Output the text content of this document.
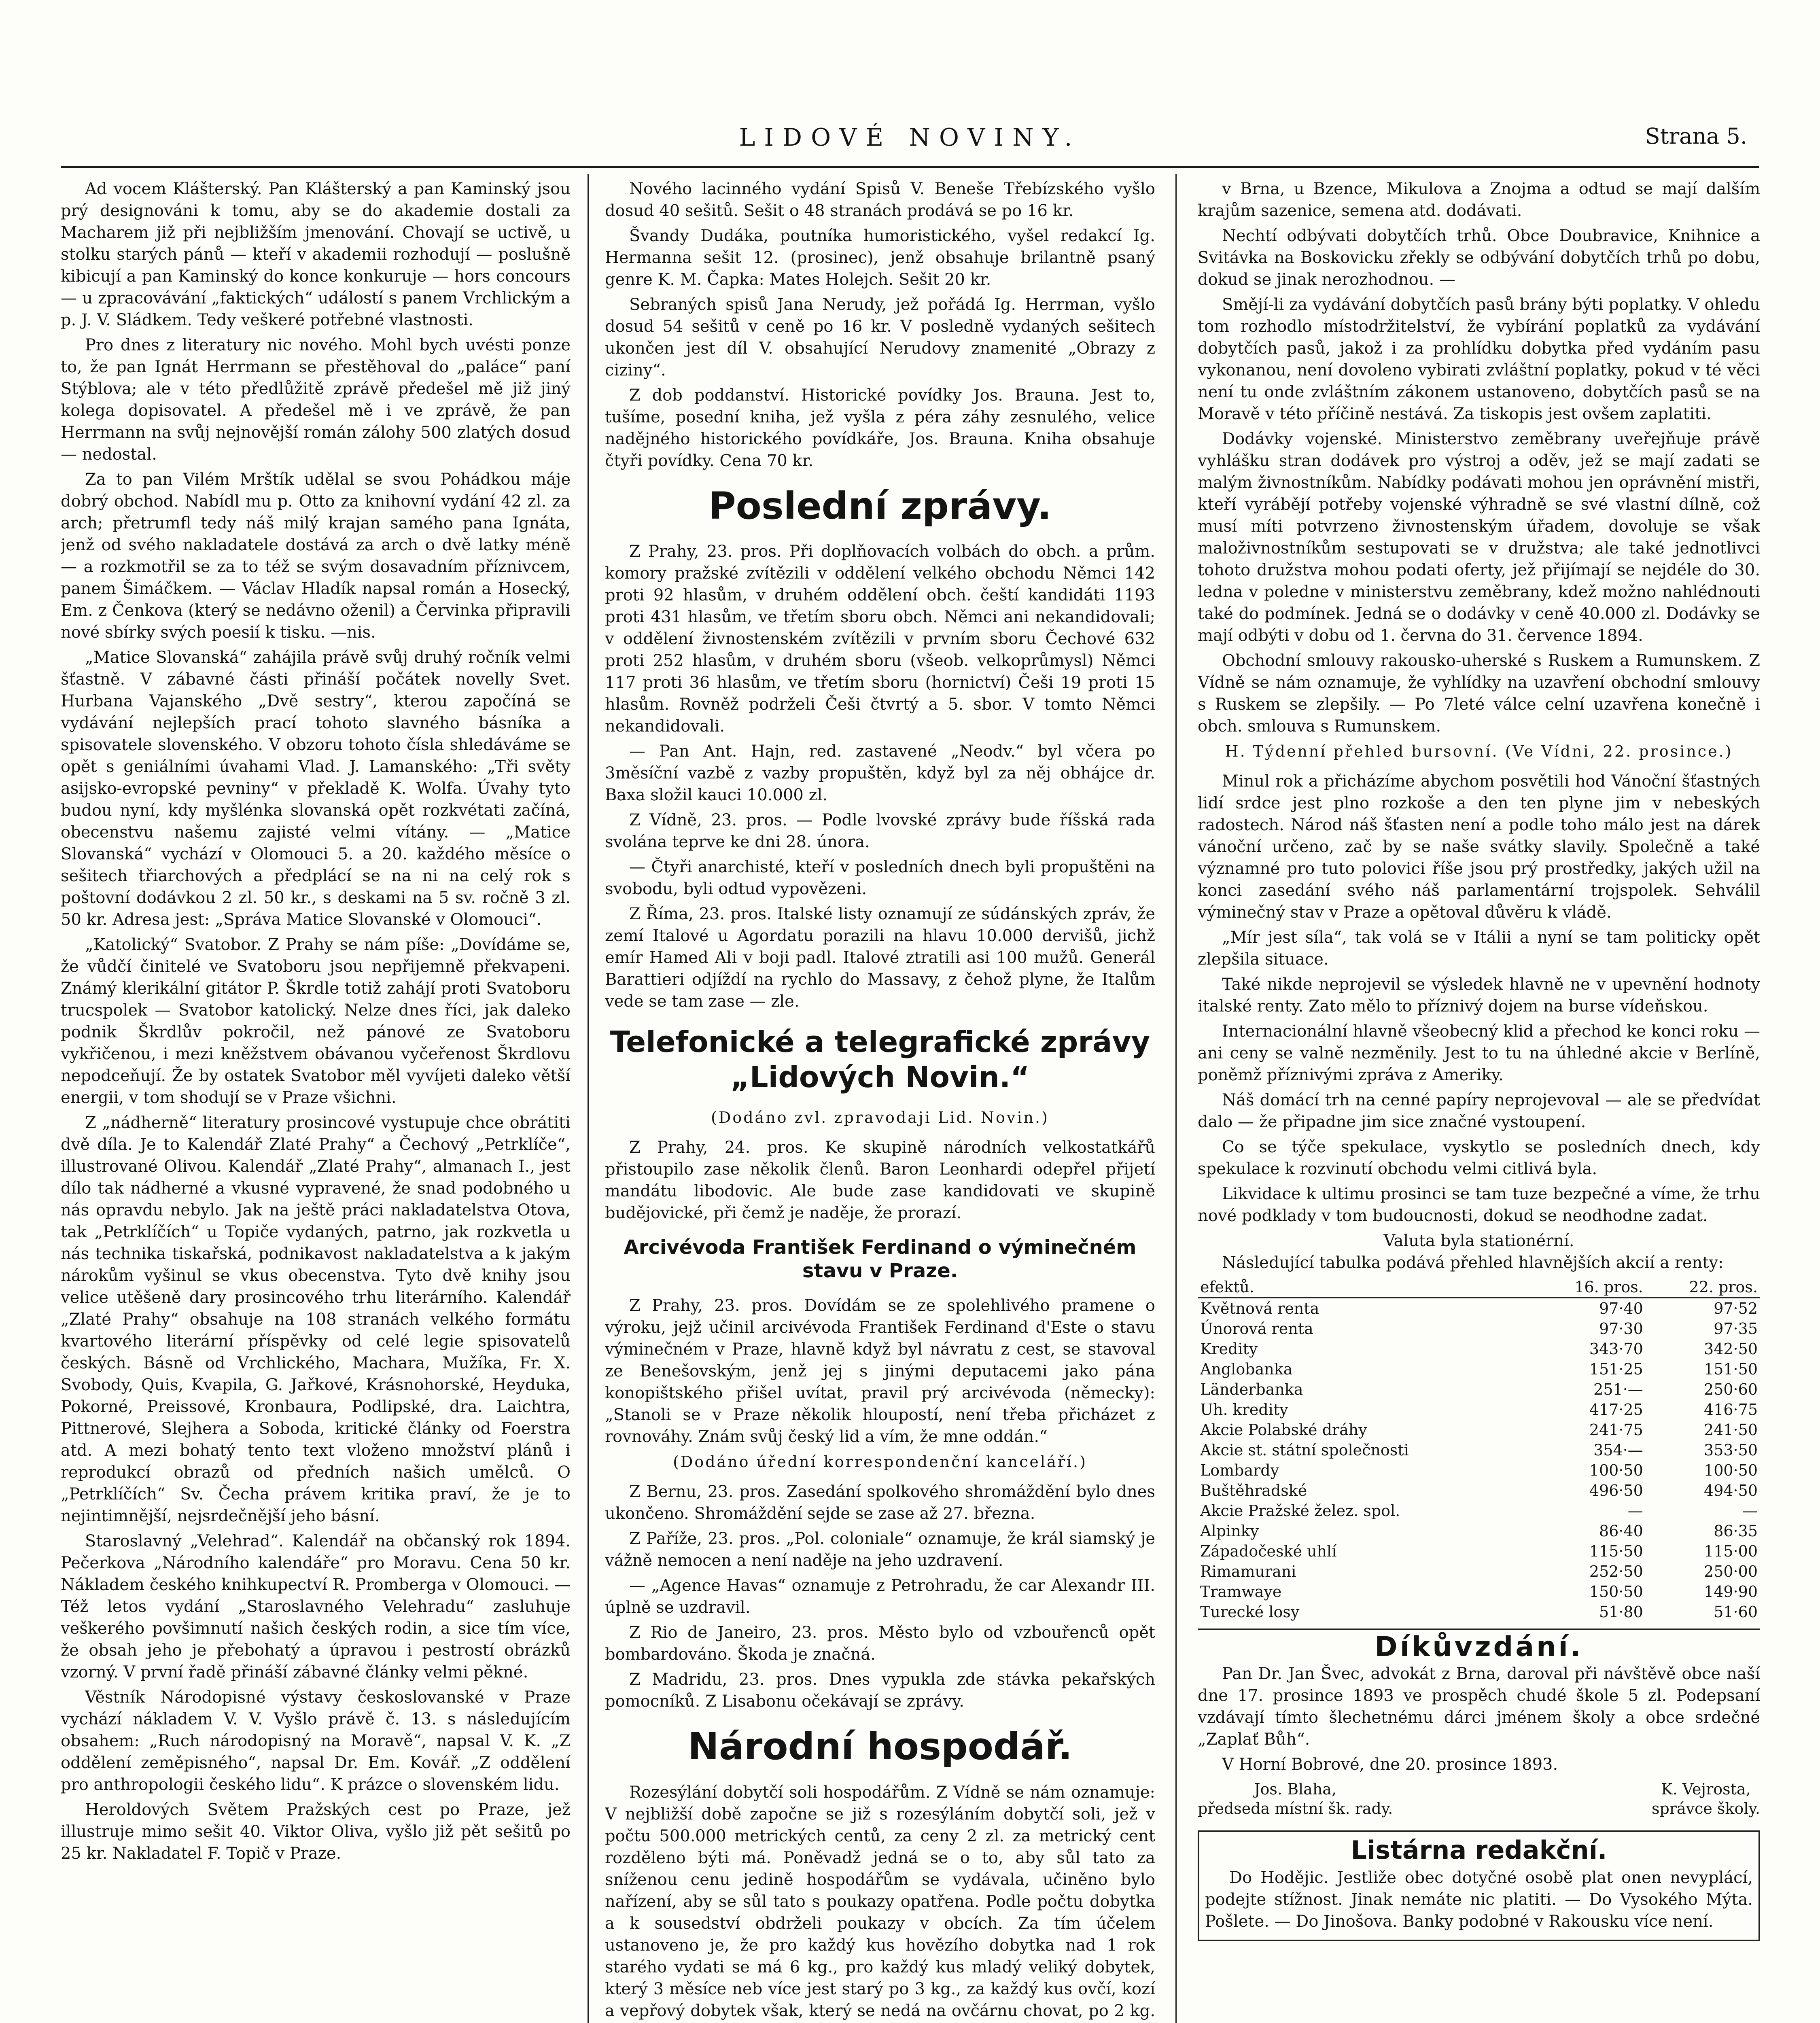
LIDOVÉ NOVINY.	Strana 5.

Ad vocem Klášterský. Pan Klášterský a pan Kaminský jsou prý designováni k tomu, aby se do akademie dostali za Macharem již při nejbližším jmenování. Chovají se uctivě, u stolku starých pánů — kteří v akademii rozhodují — poslušně kibicují a pan Kaminský do konce konkuruje — hors concours — u zpracovávání „faktických“ událostí s panem Vrchlickým a p. J. V. Sládkem. Tedy veškeré potřebné vlastnosti.

Pro dnes z literatury nic nového. Mohl bych uvésti ponze to, že pan Ignát Herrmann se přestěhoval do „paláce“ paní Stýblova; ale v této předlůžitě zprávě předešel mě již jiný kolega dopisovatel. A předešel mě i ve zprávě, že pan Herrmann na svůj nejnovější román zálohy 500 zlatých dosud — nedostal.

Za to pan Vilém Mrštík udělal se svou Pohádkou máje dobrý obchod. Nabídl mu p. Otto za knihovní vydání 42 zl. za arch; přetrumfl tedy náš milý krajan samého pana Ignáta, jenž od svého nakladatele dostává za arch o dvě latky méně — a rozkmotřil se za to též se svým dosavadním příznivcem, panem Šimáčkem. — Václav Hladík napsal román a Hosecký, Em. z Čenkova (který se nedávno oženil) a Červinka připravili nové sbírky svých poesií k tisku. —nis.

„Matice Slovanská“ zahájila právě svůj druhý ročník velmi šťastně. V zábavné části přináší počátek novelly Svet. Hurbana Vajanského „Dvě sestry“, kterou započíná se vydávání nejlepších prací tohoto slavného básníka a spisovatele slovenského. V obzoru tohoto čísla shledáváme se opět s geniálními úvahami Vlad. J. Lamanského: „Tři světy asijsko-evropské pevniny“ v překladě K. Wolfa. Úvahy tyto budou nyní, kdy myšlénka slovanská opět rozkvétati začíná, obecenstvu našemu zajisté velmi vítány. — „Matice Slovanská“ vychází v Olomouci 5. a 20. každého měsíce o sešitech třiarchových a předplácí se na ni na celý rok s poštovní dodávkou 2 zl. 50 kr., s deskami na 5 sv. ročně 3 zl. 50 kr. Adresa jest: „Správa Matice Slovanské v Olomouci“.

„Katolický“ Svatobor. Z Prahy se nám píše: „Dovídáme se, že vůdčí činitelé ve Svatoboru jsou nepřijemně překvapeni. Známý klerikální gitátor P. Škrdle totiž zahájí proti Svatoboru trucspolek — Svatobor katolický. Nelze dnes říci, jak daleko podnik Škrdlův pokročil, než pánové ze Svatoboru vykřičenou, i mezi kněžstvem obávanou vyčeřenost Škrdlovu nepodceňují. Že by ostatek Svatobor měl vyvíjeti daleko větší energii, v tom shodují se v Praze všichni.

Z „nádherně“ literatury prosincové vystupuje chce obrátiti dvě díla. Je to Kalendář Zlaté Prahy“ a Čechový „Petrklíče“, illustrované Olivou. Kalendář „Zlaté Prahy“, almanach I., jest dílo tak nádherné a vkusné vypravené, že snad podobného u nás opravdu nebylo. Jak na ještě práci nakladatelstva Otova, tak „Petrklíčích“ u Topiče vydaných, patrno, jak rozkvetla u nás technika tiskařská, podnikavost nakladatelstva a k jakým nárokům vyšinul se vkus obecenstva. Tyto dvě knihy jsou velice utěšeně dary prosincového trhu literárního. Kalendář „Zlaté Prahy“ obsahuje na 108 stranách velkého formátu kvartového literární příspěvky od celé legie spisovatelů českých. Básně od Vrchlického, Machara, Mužíka, Fr. X. Svobody, Quis, Kvapila, G. Jařkové, Krásnohorské, Heyduka, Pokorné, Preissové, Kronbaura, Podlipské, dra. Laichtra, Pittnerové, Slejhera a Soboda, kritické články od Foerstra atd. A mezi bohatý tento text vloženo množství plánů i reprodukcí obrazů od předních našich umělců. O „Petrklíčích“ Sv. Čecha právem kritika praví, že je to nejintimnější, nejsrdečnější jeho básní.

Staroslavný „Velehrad“. Kalendář na občanský rok 1894. Pečerkova „Národního kalendáře“ pro Moravu. Cena 50 kr. Nákladem českého knihkupectví R. Promberga v Olomouci. — Též letos vydání „Staroslavného Velehradu“ zasluhuje veškerého povšimnutí našich českých rodin, a sice tím více, že obsah jeho je přebohatý a úpravou i pestrostí obrázků vzorný. V první řadě přináší zábavné články velmi pěkné.

Věstník Národopisné výstavy českoslovanské v Praze vychází nákladem V. V. Vyšlo právě č. 13. s následujícím obsahem: „Ruch národopisný na Moravě“, napsal V. K. „Z oddělení zeměpisného“, napsal Dr. Em. Kovář. „Z oddělení pro anthropologii českého lidu“. K prázce o slovenském lidu.

Heroldových Světem Pražských cest po Praze, jež illustruje mimo sešit 40. Viktor Oliva, vyšlo již pět sešitů po 25 kr. Nakladatel F. Topič v Praze.

Nového lacinného vydání Spisů V. Beneše Třebízského vyšlo dosud 40 sešitů. Sešit o 48 stranách prodává se po 16 kr.

Švandy Dudáka, poutníka humoristického, vyšel redakcí Ig. Hermanna sešit 12. (prosinec), jenž obsahuje brilantně psaný genre K. M. Čapka: Mates Holejch. Sešit 20 kr.

Sebraných spisů Jana Nerudy, jež pořádá Ig. Herrman, vyšlo dosud 54 sešitů v ceně po 16 kr. V posledně vydaných sešitech ukončen jest díl V. obsahující Nerudovy znamenité „Obrazy z ciziny“.

Z dob poddanství. Historické povídky Jos. Brauna. Jest to, tušíme, posední kniha, jež vyšla z péra záhy zesnulého, velice nadějného historického povídkáře, Jos. Brauna. Kniha obsahuje čtyři povídky. Cena 70 kr.

Poslední zprávy.

Z Prahy, 23. pros. Při doplňovacích volbách do obch. a prům. komory pražské zvítězili v oddělení velkého obchodu Němci 142 proti 92 hlasům, v druhém oddělení obch. čeští kandidáti 1193 proti 431 hlasům, ve třetím sboru obch. Němci ani nekandidovali; v oddělení živnostenském zvítězili v prvním sboru Čechové 632 proti 252 hlasům, v druhém sboru (všeob. velkoprůmysl) Němci 117 proti 36 hlasům, ve třetím sboru (hornictví) Češi 19 proti 15 hlasům. Rovněž podrželi Češi čtvrtý a 5. sbor. V tomto Němci nekandidovali.

— Pan Ant. Hajn, red. zastavené „Neodv.“ byl včera po 3měsíční vazbě z vazby propuštěn, když byl za něj obhájce dr. Baxa složil kauci 10.000 zl.

Z Vídně, 23. pros. — Podle lvovské zprávy bude říšská rada svolána teprve ke dni 28. února.

— Čtyři anarchisté, kteří v posledních dnech byli propuštěni na svobodu, byli odtud vypovězeni.

Z Říma, 23. pros. Italské listy oznamují ze súdánských zpráv, že zemí Italové u Agordatu porazili na hlavu 10.000 dervišů, jichž emír Hamed Ali v boji padl. Italové ztratili asi 100 mužů. Generál Barattieri odjíždí na rychlo do Massavy, z čehož plyne, že Italům vede se tam zase — zle.

Telefonické a telegrafické zprávy „Lidových Novin.“
(Dodáno zvl. zpravodaji Lid. Novin.)

Z Prahy, 24. pros. Ke skupině národních velkostatkářů přistoupilo zase několik členů. Baron Leonhardi odepřel přijetí mandátu libodovic. Ale bude zase kandidovati ve skupině budějovické, při čemž je naděje, že prorazí.

Arcivévoda František Ferdinand o výminečném stavu v Praze.

Z Prahy, 23. pros. Dovídám se ze spolehlivého pramene o výroku, jejž učinil arcivévoda František Ferdinand d'Este o stavu výminečném v Praze, hlavně když byl návratu z cest, se stavoval ze Benešovským, jenž jej s jinými deputacemi jako pána konopištského přišel uvítat, pravil prý arcivévoda (německy): „Stanoli se v Praze několik hloupostí, není třeba přicházet z rovnováhy. Znám svůj český lid a vím, že mne oddán.“

(Dodáno úřední korrespondenční kanceláří.)

Z Bernu, 23. pros. Zasedání spolkového shromáždění bylo dnes ukončeno. Shromáždění sejde se zase až 27. března.

Z Paříže, 23. pros. „Pol. coloniale“ oznamuje, že král siamský je vážně nemocen a není naděje na jeho uzdravení.

— „Agence Havas“ oznamuje z Petrohradu, že car Alexandr III. úplně se uzdravil.

Z Rio de Janeiro, 23. pros. Město bylo od vzbouřenců opět bombardováno. Škoda je značná.

Z Madridu, 23. pros. Dnes vypukla zde stávka pekařských pomocníků. Z Lisabonu očekávají se zprávy.

Národní hospodář.

Rozesýlání dobytčí soli hospodářům. Z Vídně se nám oznamuje: V nejbližší době započne se již s rozesýláním dobytčí soli, jež v počtu 500.000 metrických centů, za ceny 2 zl. za metrický cent rozděleno býti má. Poněvadž jedná se o to, aby sůl tato za sníženou cenu jedině hospodářům se vydávala, učiněno bylo nařízení, aby se sůl tato s poukazy opatřena. Podle počtu dobytka a k sousedství obdrželi poukazy v obcích. Za tím účelem ustanoveno je, že pro každý kus hovězího dobytka nad 1 rok starého vydati se má 6 kg., pro každý kus mladý veliký dobytek, který 3 měsíce neb více jest starý po 3 kg., za každý kus ovčí, kozí a vepřový dobytek však, který se nedá na ovčárnu chovat, po 2 kg.

v Brna, u Bzence, Mikulova a Znojma a odtud se mají dalším krajům sazenice, semena atd. dodávati.

Nechtí odbývati dobytčích trhů. Obce Doubravice, Knihnice a Svitávka na Boskovicku zřekly se odbývání dobytčích trhů po dobu, dokud se jinak nerozhodnou. —

Smějí-li za vydávání dobytčích pasů brány býti poplatky. V ohledu tom rozhodlo místodržitelství, že vybírání poplatků za vydávání dobytčích pasů, jakož i za prohlídku dobytka před vydáním pasu vykonanou, není dovoleno vybirati zvláštní poplatky, pokud v té věci není tu onde zvláštním zákonem ustanoveno, dobytčích pasů se na Moravě v této příčině nestává. Za tiskopis jest ovšem zaplatiti.

Dodávky vojenské. Ministerstvo zeměbrany uveřejňuje právě vyhlášku stran dodávek pro výstroj a oděv, jež se mají zadati se malým živnostníkům. Nabídky podávati mohou jen oprávnění mistři, kteří vyrábějí potřeby vojenské výhradně se své vlastní dílně, což musí míti potvrzeno živnostenským úřadem, dovoluje se však maloživnostníkům sestupovati se v družstva; ale také jednotlivci tohoto družstva mohou podati oferty, jež přijímají se nejdéle do 30. ledna v poledne v ministerstvu zeměbrany, kdež možno nahlédnouti také do podmínek. Jedná se o dodávky v ceně 40.000 zl. Dodávky se mají odbýti v dobu od 1. června do 31. července 1894.

Obchodní smlouvy rakousko-uherské s Ruskem a Rumunskem. Z Vídně se nám oznamuje, že vyhlídky na uzavření obchodní smlouvy s Ruskem se zlepšily. — Po 7leté válce celní uzavřena konečně i obch. smlouva s Rumunskem.

H. Týdenní přehled bursovní. (Ve Vídni, 22. prosince.)

Minul rok a přicházíme abychom posvětili hod Vánoční šťastných lidí srdce jest plno rozkoše a den ten plyne jim v nebeských radostech. Národ náš šťasten není a podle toho málo jest na dárek vánoční určeno, zač by se naše svátky slavily. Společně a také významné pro tuto polovici říše jsou prý prostředky, jakých užil na konci zasedání svého náš parlamentární trojspolek. Sehválil výminečný stav v Praze a opětoval důvěru k vládě.

„Mír jest síla“, tak volá se v Itálii a nyní se tam politicky opět zlepšila situace.

Také nikde neprojevil se výsledek hlavně ne v upevnění hodnoty italské renty. Zato mělo to příznivý dojem na burse vídeňskou.

Internacionální hlavně všeobecný klid a přechod ke konci roku — ani ceny se valně nezměnily. Jest to tu na úhledné akcie v Berlíně, poněmž příznivými zpráva z Ameriky.

Náš domácí trh na cenné papíry neprojevoval — ale se předvídat dalo — že připadne jim sice značné vystoupení.

Co se týče spekulace, vyskytlo se posledních dnech, kdy spekulace k rozvinutí obchodu velmi citlivá byla.

Likvidace k ultimu prosinci se tam tuze bezpečné a víme, že trhu nové podklady v tom budoucnosti, dokud se neodhodne zadat.

Valuta byla stationérní.

Následující tabulka podává přehled hlavnějších akcií a renty:

efektů.	16. pros.	22. pros.
Květnová renta	97·40	97·52
Únorová renta	97·30	97·35
Kredity	343·70	342·50
Anglobanka	151·25	151·50
Länderbanka	251·—	250·60
Uh. kredity	417·25	416·75
Akcie Polabské dráhy	241·75	241·50
Akcie st. státní společnosti	354·—	353·50
Lombardy	100·50	100·50
Buštěhradské	496·50	494·50
Akcie Pražské želez. spol.	—	—
Alpinky	86·40	86·35
Západočeské uhlí	115·50	115·00
Rimamurani	252·50	250·00
Tramwaye	150·50	149·90
Turecké losy	51·80	51·60
Díkůvzdání.

Pan Dr. Jan Švec, advokát z Brna, daroval při návštěvě obce naší dne 17. prosince 1893 ve prospěch chudé škole 5 zl. Podepsaní vzdávají tímto šlechetnému dárci jménem školy a obce srdečné „Zaplať Bůh“.

V Horní Bobrové, dne 20. prosince 1893.

Jos. Blaha,
předseda místní šk. rady.
K. Vejrosta,
správce školy.
Listárna redakční.

Do Hodějic. Jestliže obec dotyčné osobě plat onen nevyplácí, podejte stížnost. Jinak nemáte nic platiti. — Do Vysokého Mýta. Pošlete. — Do Jinošova. Banky podobné v Rakousku více není.
